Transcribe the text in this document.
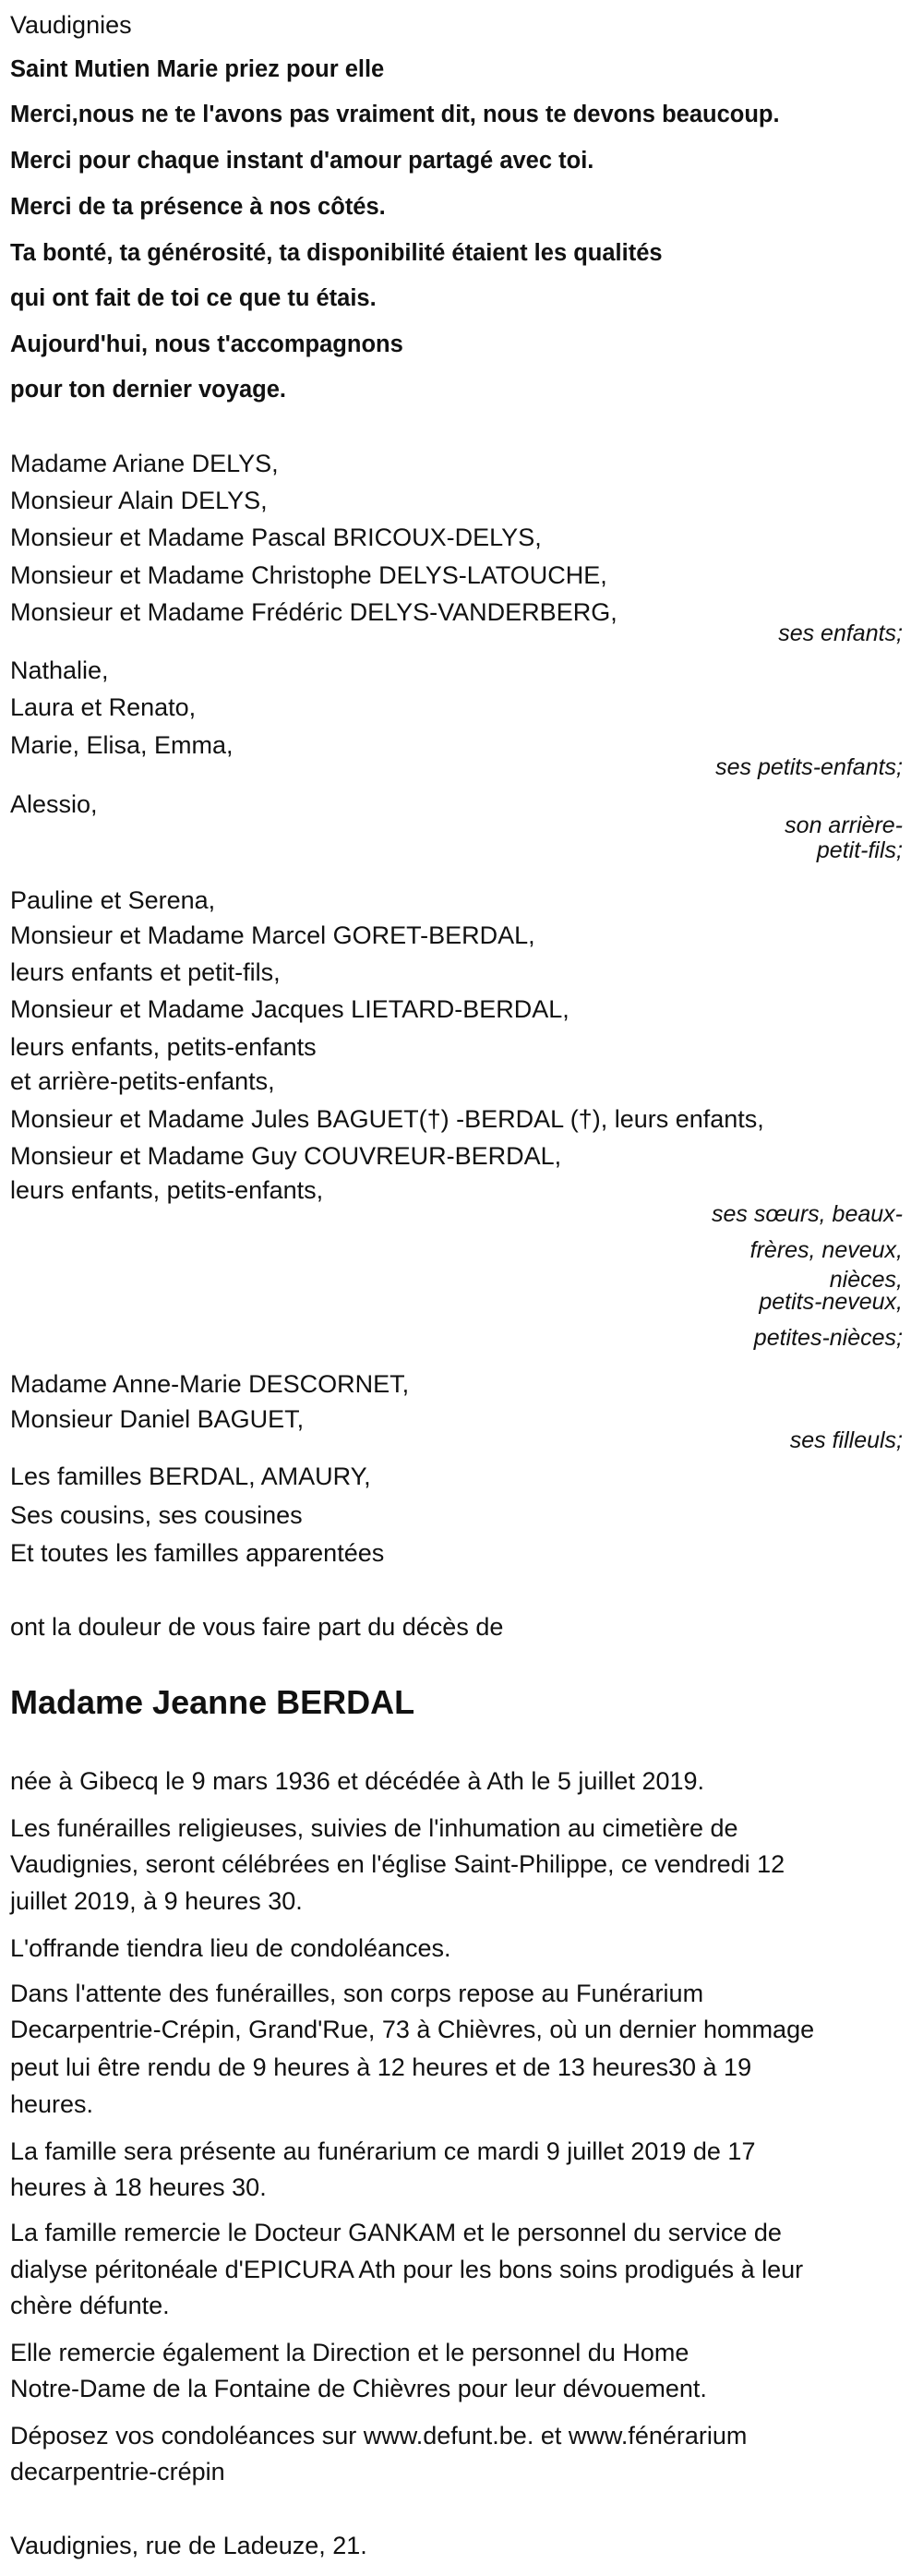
Vaudignies
Saint Mutien Marie priez pour elle
Merci,nous ne te l'avons pas vraiment dit, nous te devons beaucoup.
Merci pour chaque instant d'amour partagé avec toi.
Merci de ta présence à nos côtés.
Ta bonté, ta générosité, ta disponibilité étaient les qualités
qui ont fait de toi ce que tu étais.
Aujourd'hui, nous t'accompagnons
pour ton dernier voyage.
Madame Ariane DELYS,
Monsieur Alain DELYS,
Monsieur et Madame Pascal BRICOUX-DELYS,
Monsieur et Madame Christophe DELYS-LATOUCHE,
Monsieur et Madame Frédéric DELYS-VANDERBERG,
ses enfants;
Nathalie,
Laura et Renato,
Marie, Elisa, Emma,
ses petits-enfants;
Alessio,
son arrière-
petit-fils;
Pauline et Serena,
Monsieur et Madame Marcel GORET-BERDAL,
leurs enfants et petit-fils,
Monsieur et Madame Jacques LIETARD-BERDAL,
leurs enfants, petits-enfants
et arrière-petits-enfants,
Monsieur et Madame Jules BAGUET(†) -BERDAL (†), leurs enfants,
Monsieur et Madame Guy COUVREUR-BERDAL,
leurs enfants, petits-enfants,
ses sœurs, beaux-
frères, neveux,
nièces,
petits-neveux,
petites-nièces;
Madame Anne-Marie DESCORNET,
Monsieur Daniel BAGUET,
ses filleuls;
Les familles BERDAL, AMAURY,
Ses cousins, ses cousines
Et toutes les familles apparentées
ont la douleur de vous faire part du décès de
Madame Jeanne BERDAL
née à Gibecq le 9 mars 1936 et décédée à Ath le 5 juillet 2019.
Les funérailles religieuses, suivies de l'inhumation au cimetière de
Vaudignies, seront célébrées en l'église Saint-Philippe, ce vendredi 12
juillet 2019, à 9 heures 30.
L'offrande tiendra lieu de condoléances.
Dans l'attente des funérailles, son corps repose au Funérarium
Decarpentrie-Crépin, Grand'Rue, 73 à Chièvres, où un dernier hommage
peut lui être rendu de 9 heures à 12 heures et de 13 heures30 à 19
heures.
La famille sera présente au funérarium ce mardi 9 juillet 2019 de 17
heures à 18 heures 30.
La famille remercie le Docteur GANKAM et le personnel du service de
dialyse péritonéale d'EPICURA Ath pour les bons soins prodigués à leur
chère défunte.
Elle remercie également la Direction et le personnel du Home
Notre-Dame de la Fontaine de Chièvres pour leur dévouement.
Déposez vos condoléances sur www.defunt.be. et www.fénérarium
decarpentrie-crépin
Vaudignies, rue de Ladeuze, 21.
